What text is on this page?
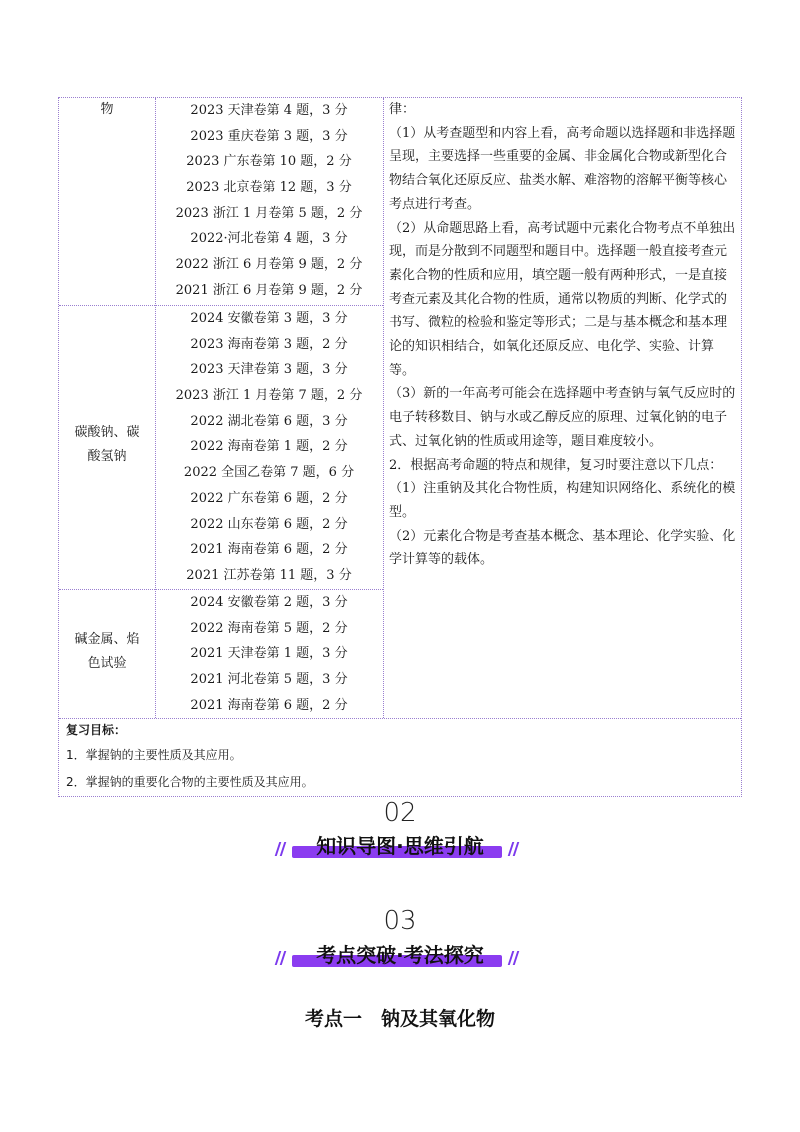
物	2023 天津卷第 4 题，3 分
2023 重庆卷第 3 题，3 分
2023 广东卷第 10 题，2 分
2023 北京卷第 12 题，3 分
2023 浙江 1 月卷第 5 题，2 分
2022·河北卷第 4 题，3 分
2022 浙江 6 月卷第 9 题，2 分
2021 浙江 6 月卷第 9 题，2 分
碳酸钠、碳
酸氢钠
2024 安徽卷第 3 题，3 分
2023 海南卷第 3 题，2 分
2023 天津卷第 3 题，3 分
2023 浙江 1 月卷第 7 题，2 分
2022 湖北卷第 6 题，3 分
2022 海南卷第 1 题，2 分
2022 全国乙卷第 7 题，6 分
2022 广东卷第 6 题，2 分
2022 山东卷第 6 题，2 分
2021 海南卷第 6 题，2 分
2021 江苏卷第 11 题，3 分
碱金属、焰
色试验
2024 安徽卷第 2 题，3 分
2022 海南卷第 5 题，2 分
2021 天津卷第 1 题，3 分
2021 河北卷第 5 题，3 分
2021 海南卷第 6 题，2 分

律：

（1）从考查题型和内容上看，高考命题以选择题和非选择题呈现，主要选择一些重要的金属、非金属化合物或新型化合物结合氧化还原反应、盐类水解、难溶物的溶解平衡等核心考点进行考查。

（2）从命题思路上看，高考试题中元素化合物考点不单独出现，而是分散到不同题型和题目中。选择题一般直接考查元素化合物的性质和应用，填空题一般有两种形式，一是直接考查元素及其化合物的性质，通常以物质的判断、化学式的书写、微粒的检验和鉴定等形式；二是与基本概念和基本理论的知识相结合，如氧化还原反应、电化学、实验、计算等。

（3）新的一年高考可能会在选择题中考查钠与氧气反应时的电子转移数目、钠与水或乙醇反应的原理、过氧化钠的电子式、过氧化钠的性质或用途等，题目难度较小。

2．根据高考命题的特点和规律，复习时要注意以下几点：

（1）注重钠及其化合物性质，构建知识网络化、系统化的模型。

（2）元素化合物是考查基本概念、基本理论、化学实验、化学计算等的载体。

复习目标：
1．掌握钠的主要性质及其应用。
2．掌握钠的重要化合物的主要性质及其应用。
02
知识导图·思维引航
03
考点突破·考法探究
考点一　钠及其氧化物
